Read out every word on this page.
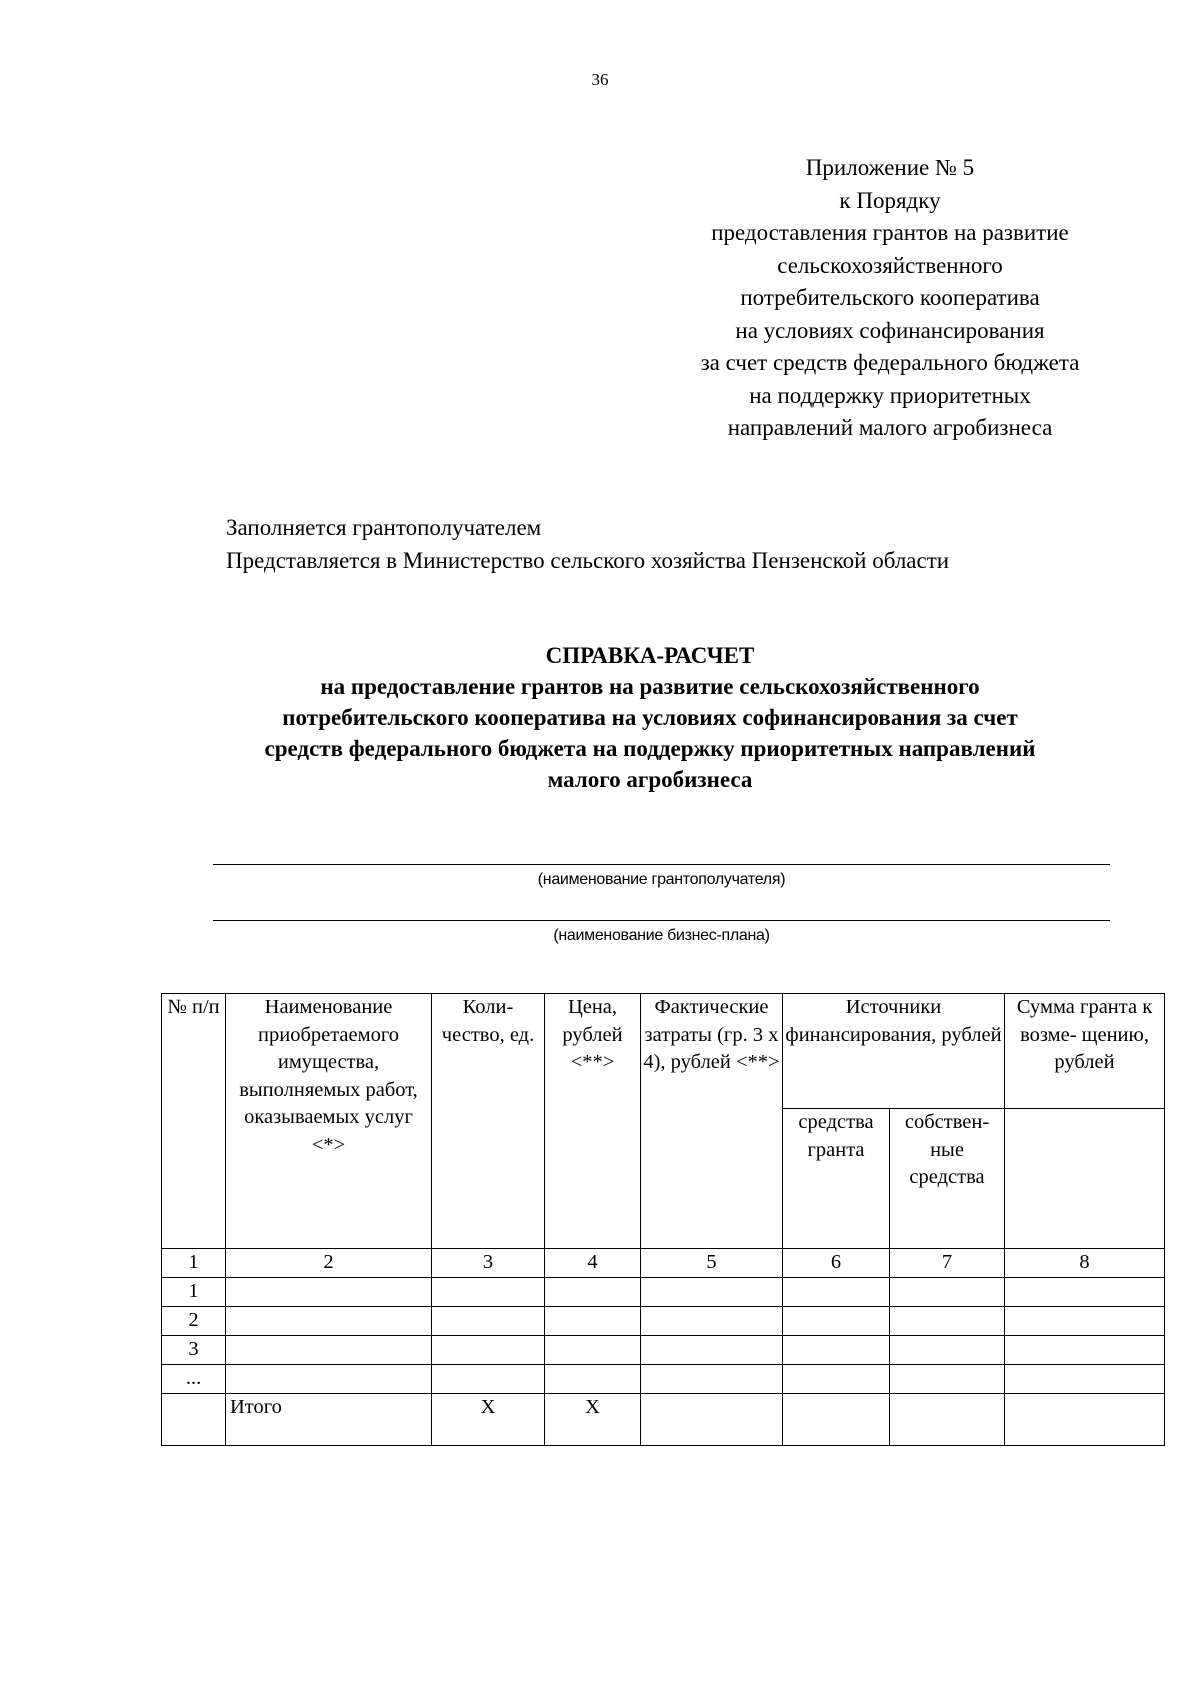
36
Приложение № 5
к Порядку
предоставления грантов на развитие
сельскохозяйственного
потребительского кооператива
на условиях софинансирования
за счет средств федерального бюджета
на поддержку приоритетных
направлений малого агробизнеса
Заполняется грантополучателем
Представляется в Министерство сельского хозяйства Пензенской области
СПРАВКА-РАСЧЕТ
на предоставление грантов на развитие сельскохозяйственного
потребительского кооператива на условиях софинансирования за счет
средств федерального бюджета на поддержку приоритетных направлений
малого агробизнеса
(наименование грантополучателя)
(наименование бизнес-плана)
№ п/п	Наименование приобретаемого имущества, выполняемых работ, оказываемых услуг <*>	Коли- чество, ед.	Цена, рублей <**>	Фактические затраты (гр. 3 х 4), рублей <**>	Источники финансирования, рублей		Сумма гранта к возме- щению, рублей
					средства гранта	собствен- ные средства	
1	2	3	4	5	6	7	8
1							
2							
3							
...							
	Итого	Х	Х				
